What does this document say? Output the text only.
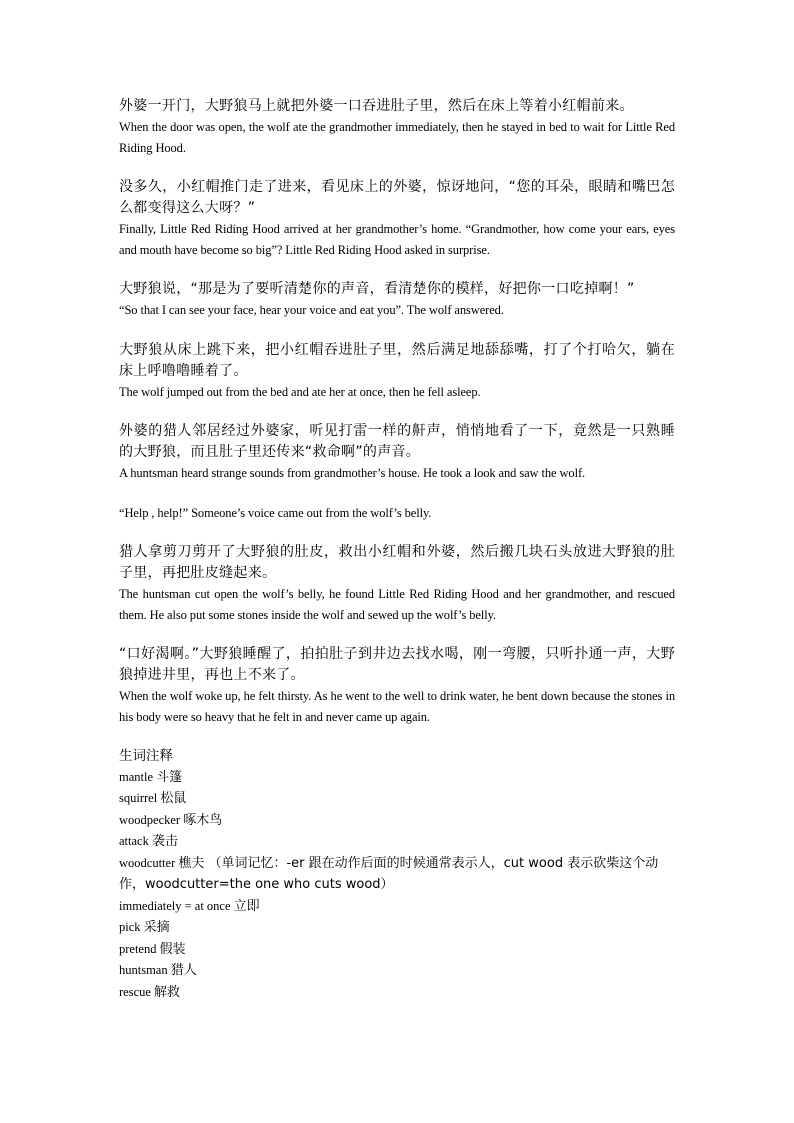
外婆一开门，大野狼马上就把外婆一口吞进肚子里，然后在床上等着小红帽前来。

When the door was open, the wolf ate the grandmother immediately, then he stayed in bed to wait for Little Red Riding Hood.

没多久，小红帽推门走了进来，看见床上的外婆，惊讶地问，“您的耳朵，眼睛和嘴巴怎么都变得这么大呀？”

Finally, Little Red Riding Hood arrived at her grandmother’s home. “Grandmother, how come your ears, eyes and mouth have become so big”? Little Red Riding Hood asked in surprise.

大野狼说，“那是为了要听清楚你的声音，看清楚你的模样，好把你一口吃掉啊！”

“So that I can see your face, hear your voice and eat you”. The wolf answered.

大野狼从床上跳下来，把小红帽吞进肚子里，然后满足地舔舔嘴，打了个打哈欠，躺在床上呼噜噜睡着了。

The wolf jumped out from the bed and ate her at once, then he fell asleep.

外婆的猎人邻居经过外婆家，听见打雷一样的鼾声，悄悄地看了一下，竟然是一只熟睡的大野狼，而且肚子里还传来“救命啊”的声音。

A huntsman heard strange sounds from grandmother’s house. He took a look and saw the wolf.

“Help , help!” Someone’s voice came out from the wolf’s belly.

猎人拿剪刀剪开了大野狼的肚皮，救出小红帽和外婆，然后搬几块石头放进大野狼的肚子里，再把肚皮缝起来。

The huntsman cut open the wolf’s belly, he found Little Red Riding Hood and her grandmother, and rescued them. He also put some stones inside the wolf and sewed up the wolf’s belly.

“口好渴啊。”大野狼睡醒了，拍拍肚子到井边去找水喝，刚一弯腰，只听扑通一声，大野狼掉进井里，再也上不来了。

When the wolf woke up, he felt thirsty. As he went to the well to drink water, he bent down because the stones in his body were so heavy that he felt in and never came up again.

生词注释
mantle 斗篷
squirrel 松鼠
woodpecker 啄木鸟
attack 袭击
woodcutter 樵夫 （单词记忆：-er 跟在动作后面的时候通常表示人，cut wood 表示砍柴这个动作，woodcutter=the one who cuts wood）
immediately = at once 立即
pick 采摘
pretend 假装
huntsman 猎人
rescue 解救
